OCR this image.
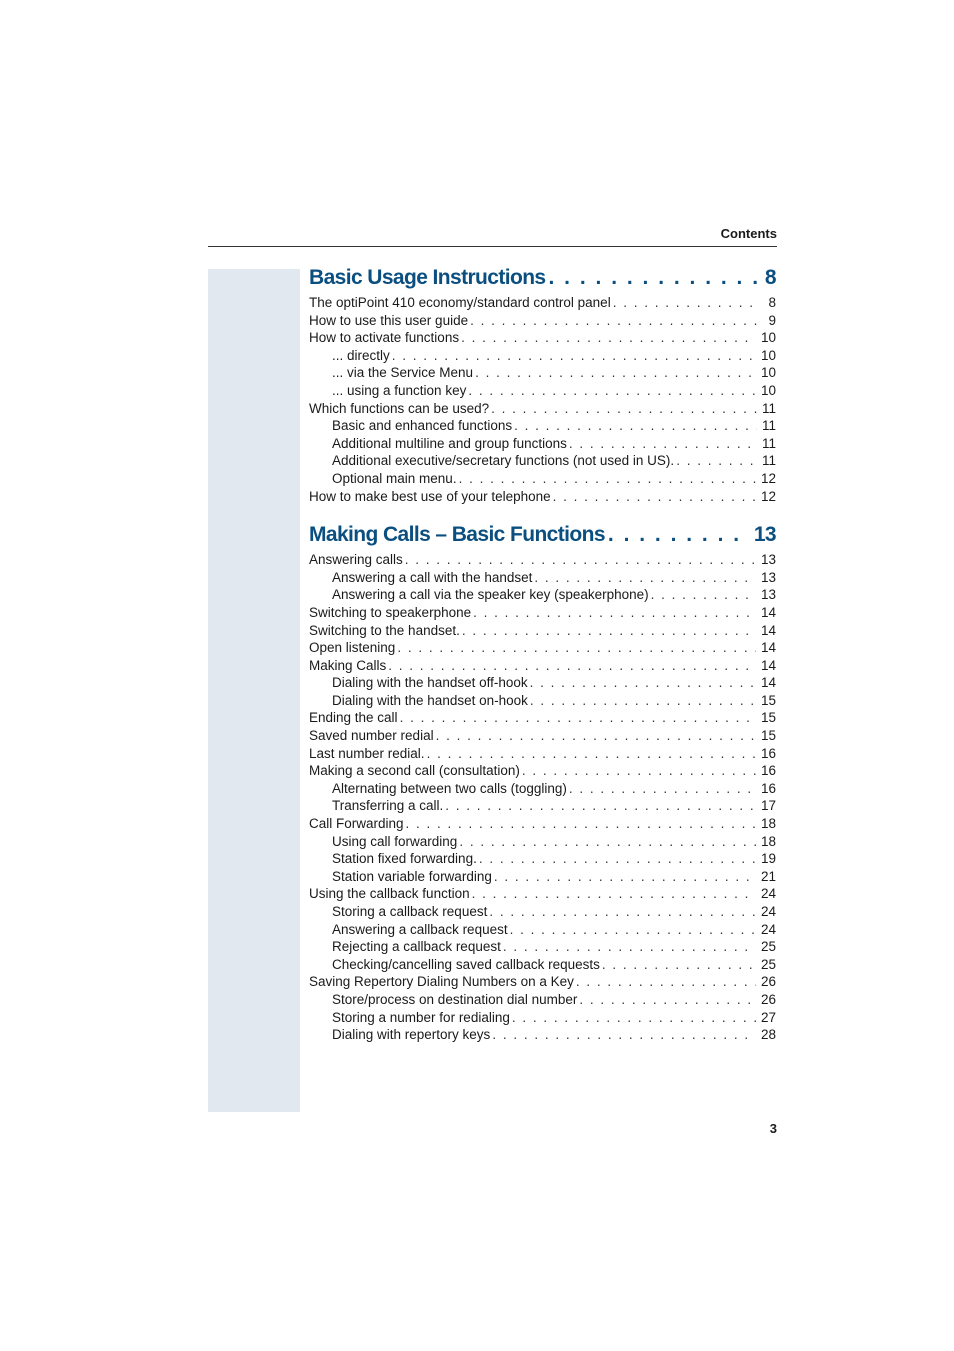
Contents
Basic Usage Instructions . . .	8
The optiPoint 410 economy/standard control panel . . .	8
How to use this user guide . . .	9
How to activate functions . . .	10
... directly . . .	10
... via the Service Menu . . .	10
... using a function key . . .	10
Which functions can be used? . . .	11
Basic and enhanced functions . . .	11
Additional multiline and group functions . . .	11
Additional executive/secretary functions (not used in US). . . .	11
Optional main menu. . . .	12
How to make best use of your telephone . . .	12
Making Calls – Basic Functions . . .	13
Answering calls . . .	13
Answering a call with the handset . . .	13
Answering a call via the speaker key (speakerphone) . . .	13
Switching to speakerphone . . .	14
Switching to the handset. . . .	14
Open listening . . .	14
Making Calls . . .	14
Dialing with the handset off-hook . . .	14
Dialing with the handset on-hook . . .	15
Ending the call . . .	15
Saved number redial . . .	15
Last number redial. . . .	16
Making a second call (consultation) . . .	16
Alternating between two calls (toggling) . . .	16
Transferring a call. . . .	17
Call Forwarding . . .	18
Using call forwarding . . .	18
Station fixed forwarding. . . .	19
Station variable forwarding . . .	21
Using the callback function . . .	24
Storing a callback request . . .	24
Answering a callback request . . .	24
Rejecting a callback request . . .	25
Checking/cancelling saved callback requests . . .	25
Saving Repertory Dialing Numbers on a Key . . .	26
Store/process on destination dial number . . .	26
Storing a number for redialing . . .	27
Dialing with repertory keys . . .	28
3
